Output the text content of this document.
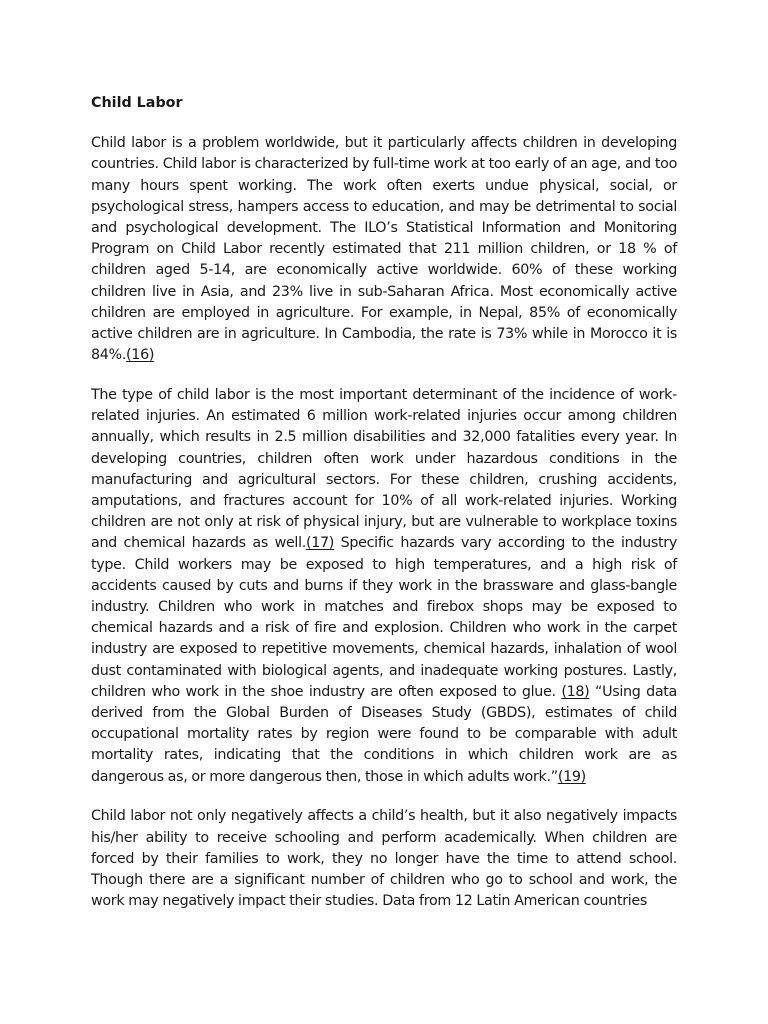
Child Labor

Child labor is a problem worldwide, but it particularly affects children in developing countries. Child labor is characterized by full-time work at too early of an age, and too many hours spent working. The work often exerts undue physical, social, or psychological stress, hampers access to education, and may be detrimental to social and psychological development. The ILO’s Statistical Information and Monitoring Program on Child Labor recently estimated that 211 million children, or 18 % of children aged 5-14, are economically active worldwide. 60% of these working children live in Asia, and 23% live in sub-Saharan Africa. Most economically active children are employed in agriculture. For example, in Nepal, 85% of economically active children are in agriculture. In Cambodia, the rate is 73% while in Morocco it is 84%.(16)

The type of child labor is the most important determinant of the incidence of work-related injuries. An estimated 6 million work-related injuries occur among children annually, which results in 2.5 million disabilities and 32,000 fatalities every year. In developing countries, children often work under hazardous conditions in the manufacturing and agricultural sectors. For these children, crushing accidents, amputations, and fractures account for 10% of all work-related injuries. Working children are not only at risk of physical injury, but are vulnerable to workplace toxins and chemical hazards as well.(17) Specific hazards vary according to the industry type. Child workers may be exposed to high temperatures, and a high risk of accidents caused by cuts and burns if they work in the brassware and glass-bangle industry. Children who work in matches and firebox shops may be exposed to chemical hazards and a risk of fire and explosion. Children who work in the carpet industry are exposed to repetitive movements, chemical hazards, inhalation of wool dust contaminated with biological agents, and inadequate working postures. Lastly, children who work in the shoe industry are often exposed to glue. (18) “Using data derived from the Global Burden of Diseases Study (GBDS), estimates of child occupational mortality rates by region were found to be comparable with adult mortality rates, indicating that the conditions in which children work are as dangerous as, or more dangerous then, those in which adults work.”(19)

Child labor not only negatively affects a child’s health, but it also negatively impacts his/her ability to receive schooling and perform academically. When children are forced by their families to work, they no longer have the time to attend school. Though there are a significant number of children who go to school and work, the work may negatively impact their studies. Data from 12 Latin American countries
